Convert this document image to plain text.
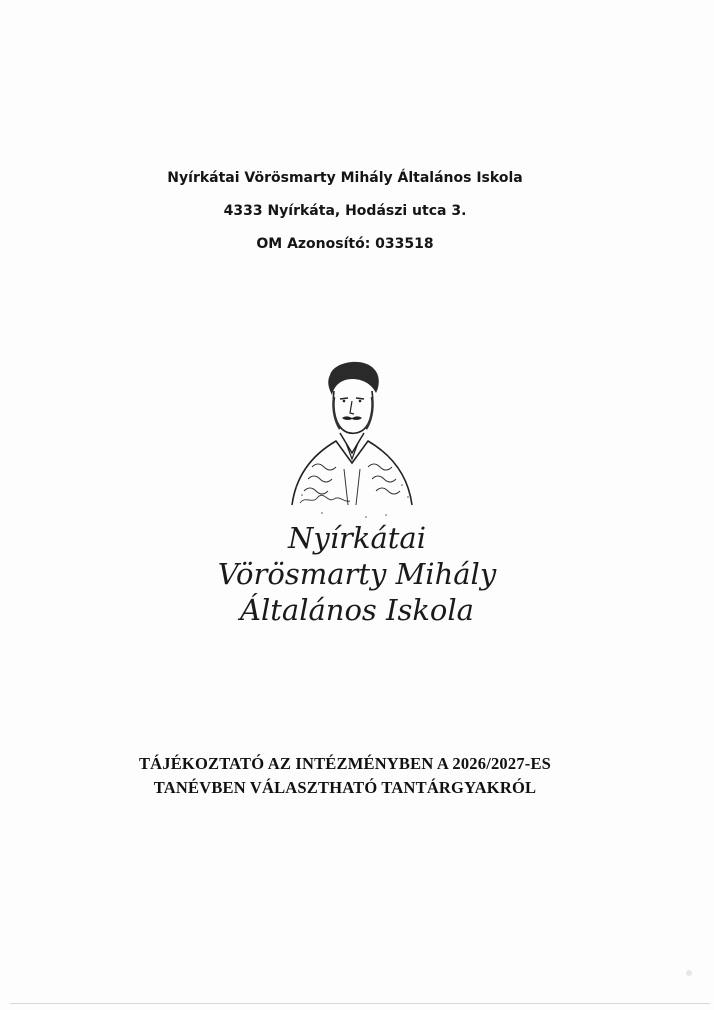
Nyírkátai Vörösmarty Mihály Általános Iskola
4333 Nyírkáta, Hodászi utca 3.
OM Azonosító: 033518
Nyírkátai
Vörösmarty Mihály
Általános Iskola
TÁJÉKOZTATÓ AZ INTÉZMÉNYBEN A 2026/2027-ES
TANÉVBEN VÁLASZTHATÓ TANTÁRGYAKRÓL
